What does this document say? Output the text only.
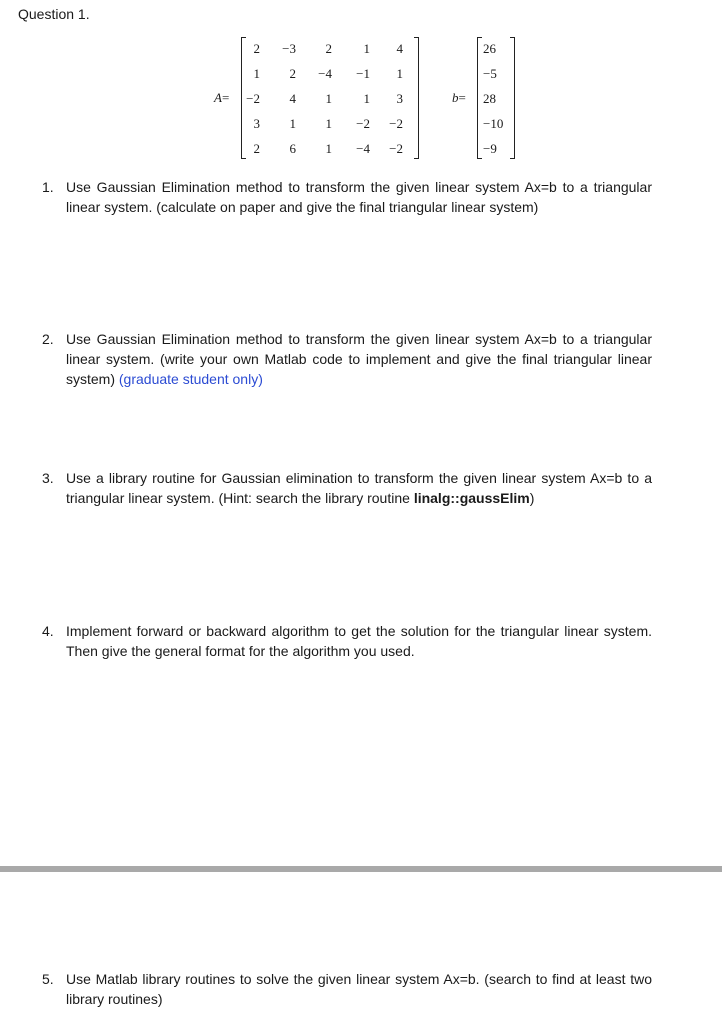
Question 1.
A=
2	−3	2	1	4
1	2	−4	−1	1
−2	4	1	1	3
3	1	1	−2	−2
2	6	1	−4	−2
b=
26
−5
28
−10
−9
1. Use Gaussian Elimination method to transform the given linear system Ax=b to a triangular linear system. (calculate on paper and give the final triangular linear system)
2. Use Gaussian Elimination method to transform the given linear system Ax=b to a triangular linear system. (write your own Matlab code to implement and give the final triangular linear system) (graduate student only)
3. Use a library routine for Gaussian elimination to transform the given linear system Ax=b to a triangular linear system. (Hint: search the library routine linalg::gaussElim)
4. Implement forward or backward algorithm to get the solution for the triangular linear system. Then give the general format for the algorithm you used.
5. Use Matlab library routines to solve the given linear system Ax=b. (search to find at least two library routines)
